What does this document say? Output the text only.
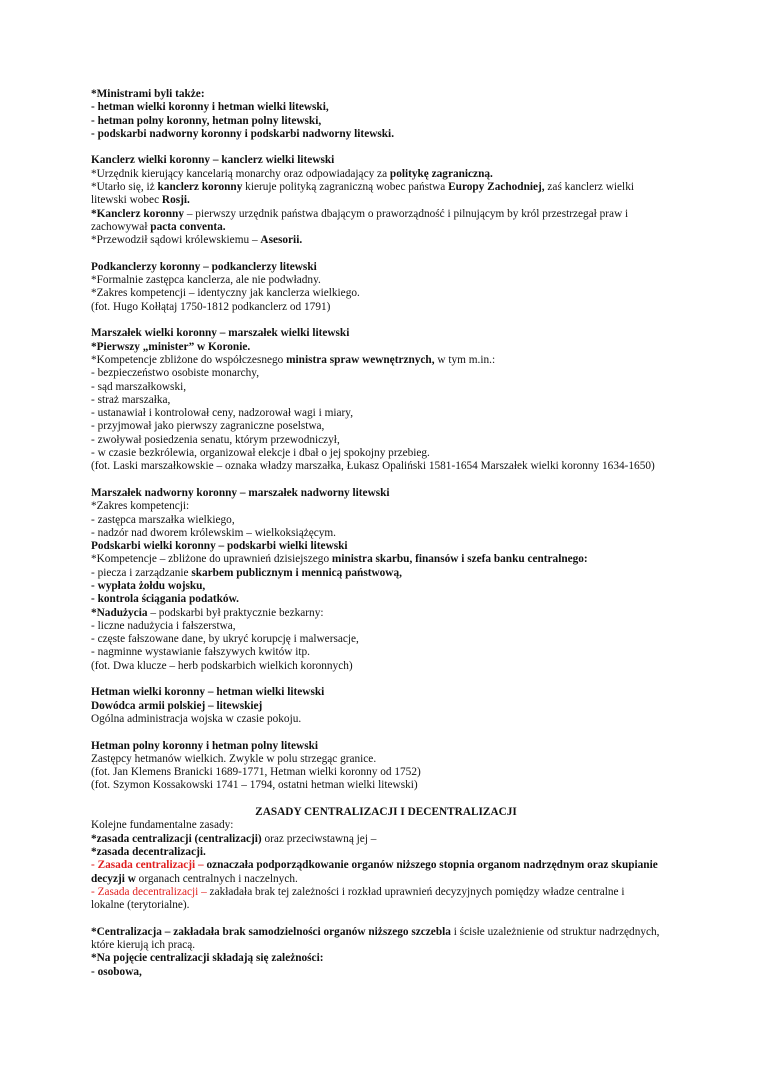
*Ministrami byli także:
- hetman wielki koronny i hetman wielki litewski,
- hetman polny koronny, hetman polny litewski,
- podskarbi nadworny koronny i podskarbi nadworny litewski.
Kanclerz wielki koronny – kanclerz wielki litewski
*Urzędnik kierujący kancelarią monarchy oraz odpowiadający za politykę zagraniczną.
*Utarło się, iż kanclerz koronny kieruje polityką zagraniczną wobec państwa Europy Zachodniej, zaś kanclerz wielki
litewski wobec Rosji.
*Kanclerz koronny – pierwszy urzędnik państwa dbającym o praworządność i pilnującym by król przestrzegał praw i
zachowywał pacta conventa.
*Przewodził sądowi królewskiemu – Asesorii.
Podkanclerzy koronny – podkanclerzy litewski
*Formalnie zastępca kanclerza, ale nie podwładny.
*Zakres kompetencji – identyczny jak kanclerza wielkiego.
(fot. Hugo Kołłątaj 1750-1812 podkanclerz od 1791)
Marszałek wielki koronny – marszałek wielki litewski
*Pierwszy „minister” w Koronie.
*Kompetencje zbliżone do współczesnego ministra spraw wewnętrznych, w tym m.in.:
- bezpieczeństwo osobiste monarchy,
- sąd marszałkowski,
- straż marszałka,
- ustanawiał i kontrolował ceny, nadzorował wagi i miary,
- przyjmował jako pierwszy zagraniczne poselstwa,
- zwoływał posiedzenia senatu, którym przewodniczył,
- w czasie bezkrólewia, organizował elekcje i dbał o jej spokojny przebieg.
(fot. Laski marszałkowskie – oznaka władzy marszałka, Łukasz Opaliński 1581-1654 Marszałek wielki koronny 1634-1650)
Marszałek nadworny koronny – marszałek nadworny litewski
*Zakres kompetencji:
- zastępca marszałka wielkiego,
- nadzór nad dworem królewskim – wielkoksiążęcym.
Podskarbi wielki koronny – podskarbi wielki litewski
*Kompetencje – zbliżone do uprawnień dzisiejszego ministra skarbu, finansów i szefa banku centralnego:
- piecza i zarządzanie skarbem publicznym i mennicą państwową,
- wypłata żołdu wojsku,
- kontrola ściągania podatków.
*Nadużycia – podskarbi był praktycznie bezkarny:
- liczne nadużycia i fałszerstwa,
- częste fałszowane dane, by ukryć korupcję i malwersacje,
- nagminne wystawianie fałszywych kwitów itp.
(fot. Dwa klucze – herb podskarbich wielkich koronnych)
Hetman wielki koronny – hetman wielki litewski
Dowódca armii polskiej – litewskiej
Ogólna administracja wojska w czasie pokoju.
Hetman polny koronny i hetman polny litewski
Zastępcy hetmanów wielkich. Zwykle w polu strzegąc granice.
(fot. Jan Klemens Branicki 1689-1771, Hetman wielki koronny od 1752)
(fot. Szymon Kossakowski 1741 – 1794, ostatni hetman wielki litewski)
ZASADY CENTRALIZACJI I DECENTRALIZACJI
Kolejne fundamentalne zasady:
*zasada centralizacji (centralizacji) oraz przeciwstawną jej –
*zasada decentralizacji.
- Zasada centralizacji – oznaczała podporządkowanie organów niższego stopnia organom nadrzędnym oraz skupianie
decyzji w organach centralnych i naczelnych.
- Zasada decentralizacji – zakładała brak tej zależności i rozkład uprawnień decyzyjnych pomiędzy władze centralne i
lokalne (terytorialne).
*Centralizacja – zakładała brak samodzielności organów niższego szczebla i ścisłe uzależnienie od struktur nadrzędnych,
które kierują ich pracą.
*Na pojęcie centralizacji składają się zależności:
- osobowa,
